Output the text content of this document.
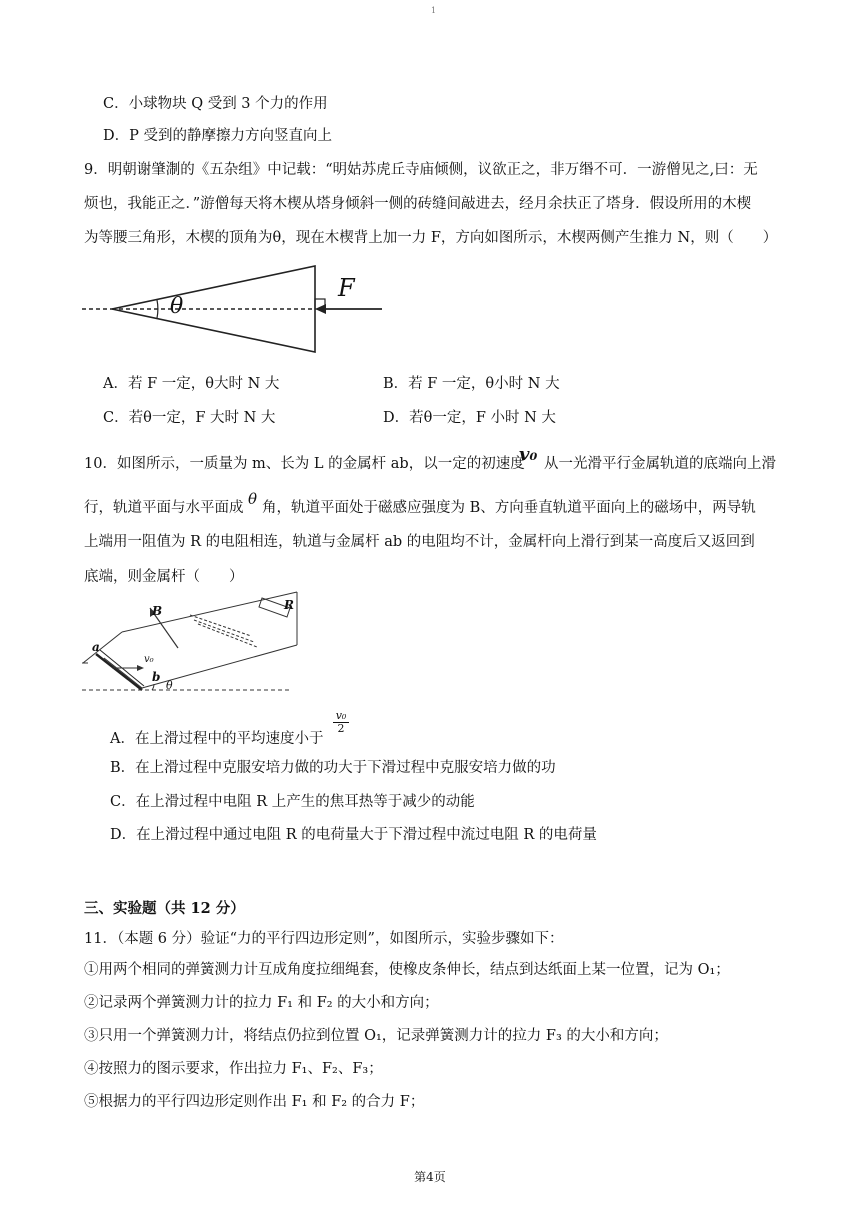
1
C．小球物块 Q 受到 3 个力的作用
D．P 受到的静摩擦力方向竖直向上
9．明朝谢肇淛的《五杂组》中记载：“明姑苏虎丘寺庙倾侧，议欲正之，非万缗不可．一游僧见之,曰：无
烦也，我能正之．”游僧每天将木楔从塔身倾斜一侧的砖缝间敲进去，经月余扶正了塔身．假设所用的木楔
为等腰三角形，木楔的顶角为θ，现在木楔背上加一力 F，方向如图所示，木楔两侧产生推力 N，则（　　）
θ
F
A．若 F 一定，θ大时 N 大	B．若 F 一定，θ小时 N 大
C．若θ一定，F 大时 N 大	D．若θ一定，F 小时 N 大
10．如图所示，一质量为 m、长为 L 的金属杆 ab，以一定的初速度
v₀ 从一光滑平行金属轨道的底端向上滑
行，轨道平面与水平面成 θ 角，轨道平面处于磁感应强度为 B、方向垂直轨道平面向上的磁场中，两导轨
上端用一阻值为 R 的电阻相连，轨道与金属杆 ab 的电阻均不计，金属杆向上滑行到某一高度后又返回到
底端，则金属杆（　　）
B	R
a
b
v₀
θ
A．在上滑过程中的平均速度小于
$\frac{\text{v₀}}{2}$
B．在上滑过程中克服安培力做的功大于下滑过程中克服安培力做的功
C．在上滑过程中电阻 R 上产生的焦耳热等于减少的动能
D．在上滑过程中通过电阻 R 的电荷量大于下滑过程中流过电阻 R 的电荷量
三、实验题（共 12 分）
11．（本题 6 分）验证“力的平行四边形定则”，如图所示，实验步骤如下：
①用两个相同的弹簧测力计互成角度拉细绳套，使橡皮条伸长，结点到达纸面上某一位置，记为 O₁；
②记录两个弹簧测力计的拉力 F₁ 和 F₂ 的大小和方向；
③只用一个弹簧测力计，将结点仍拉到位置 O₁，记录弹簧测力计的拉力 F₃ 的大小和方向；
④按照力的图示要求，作出拉力 F₁、F₂、F₃；
⑤根据力的平行四边形定则作出 F₁ 和 F₂ 的合力 F；
第4页
